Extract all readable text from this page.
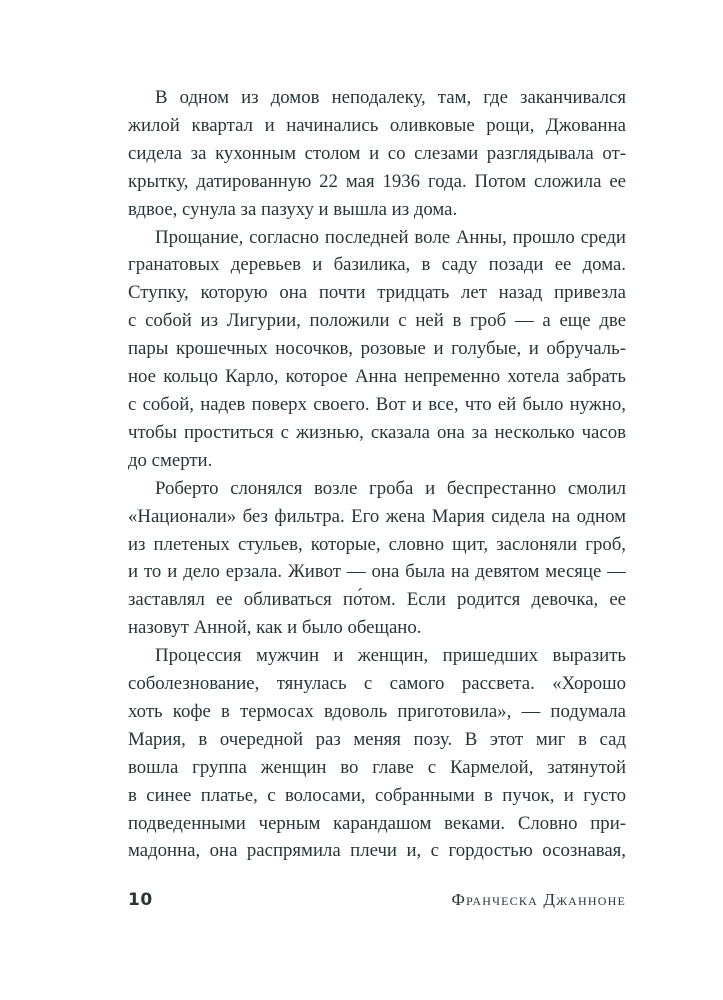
В одном из домов неподалеку, там, где заканчивался
жилой квартал и начинались оливковые рощи, Джованна
сидела за кухонным столом и со слезами разглядывала от-
крытку, датированную 22 мая 1936 года. Потом сложила ее
вдвое, сунула за пазуху и вышла из дома.
Прощание, согласно последней воле Анны, прошло среди
гранатовых деревьев и базилика, в саду позади ее дома.
Ступку, которую она почти тридцать лет назад привезла
с собой из Лигурии, положили с ней в гроб — а еще две
пары крошечных носочков, розовые и голубые, и обручаль-
ное кольцо Карло, которое Анна непременно хотела забрать
с собой, надев поверх своего. Вот и все, что ей было нужно,
чтобы проститься с жизнью, сказала она за несколько часов
до смерти.
Роберто слонялся возле гроба и беспрестанно смолил
«Национали» без фильтра. Его жена Мария сидела на одном
из плетеных стульев, которые, словно щит, заслоняли гроб,
и то и дело ерзала. Живот — она была на девятом месяце —
заставлял ее обливаться по́том. Если родится девочка, ее
назовут Анной, как и было обещано.
Процессия мужчин и женщин, пришедших выразить
соболезнование, тянулась с самого рассвета. «Хорошо
хоть кофе в термосах вдоволь приготовила», — подумала
Мария, в очередной раз меняя позу. В этот миг в сад
вошла группа женщин во главе с Кармелой, затянутой
в синее платье, с волосами, собранными в пучок, и густо
подведенными черным карандашом веками. Словно при-
мадонна, она распрямила плечи и, с гордостью осознавая,
10	Франческа Джанноне
